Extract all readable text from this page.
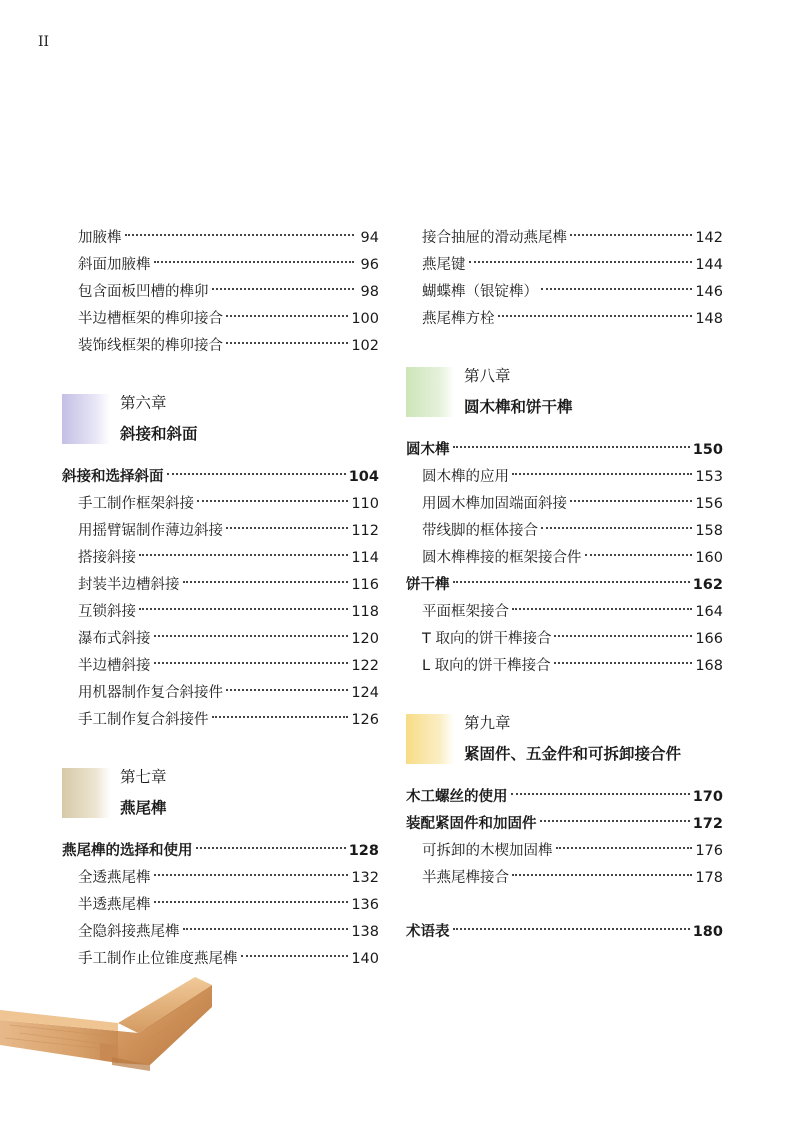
II
加腋榫	94
斜面加腋榫	96
包含面板凹槽的榫卯	98
半边槽框架的榫卯接合	100
装饰线框架的榫卯接合	102
第六章
斜接和斜面
斜接和选择斜面	104
手工制作框架斜接	110
用摇臂锯制作薄边斜接	112
搭接斜接	114
封装半边槽斜接	116
互锁斜接	118
瀑布式斜接	120
半边槽斜接	122
用机器制作复合斜接件	124
手工制作复合斜接件	126
第七章
燕尾榫
燕尾榫的选择和使用	128
全透燕尾榫	132
半透燕尾榫	136
全隐斜接燕尾榫	138
手工制作止位锥度燕尾榫	140
接合抽屉的滑动燕尾榫	142
燕尾键	144
蝴蝶榫（银锭榫）	146
燕尾榫方栓	148
第八章
圆木榫和饼干榫
圆木榫	150
圆木榫的应用	153
用圆木榫加固端面斜接	156
带线脚的框体接合	158
圆木榫榫接的框架接合件	160
饼干榫	162
平面框架接合	164
T 取向的饼干榫接合	166
L 取向的饼干榫接合	168
第九章
紧固件、五金件和可拆卸接合件
木工螺丝的使用	170
装配紧固件和加固件	172
可拆卸的木楔加固榫	176
半燕尾榫接合	178
术语表	180
